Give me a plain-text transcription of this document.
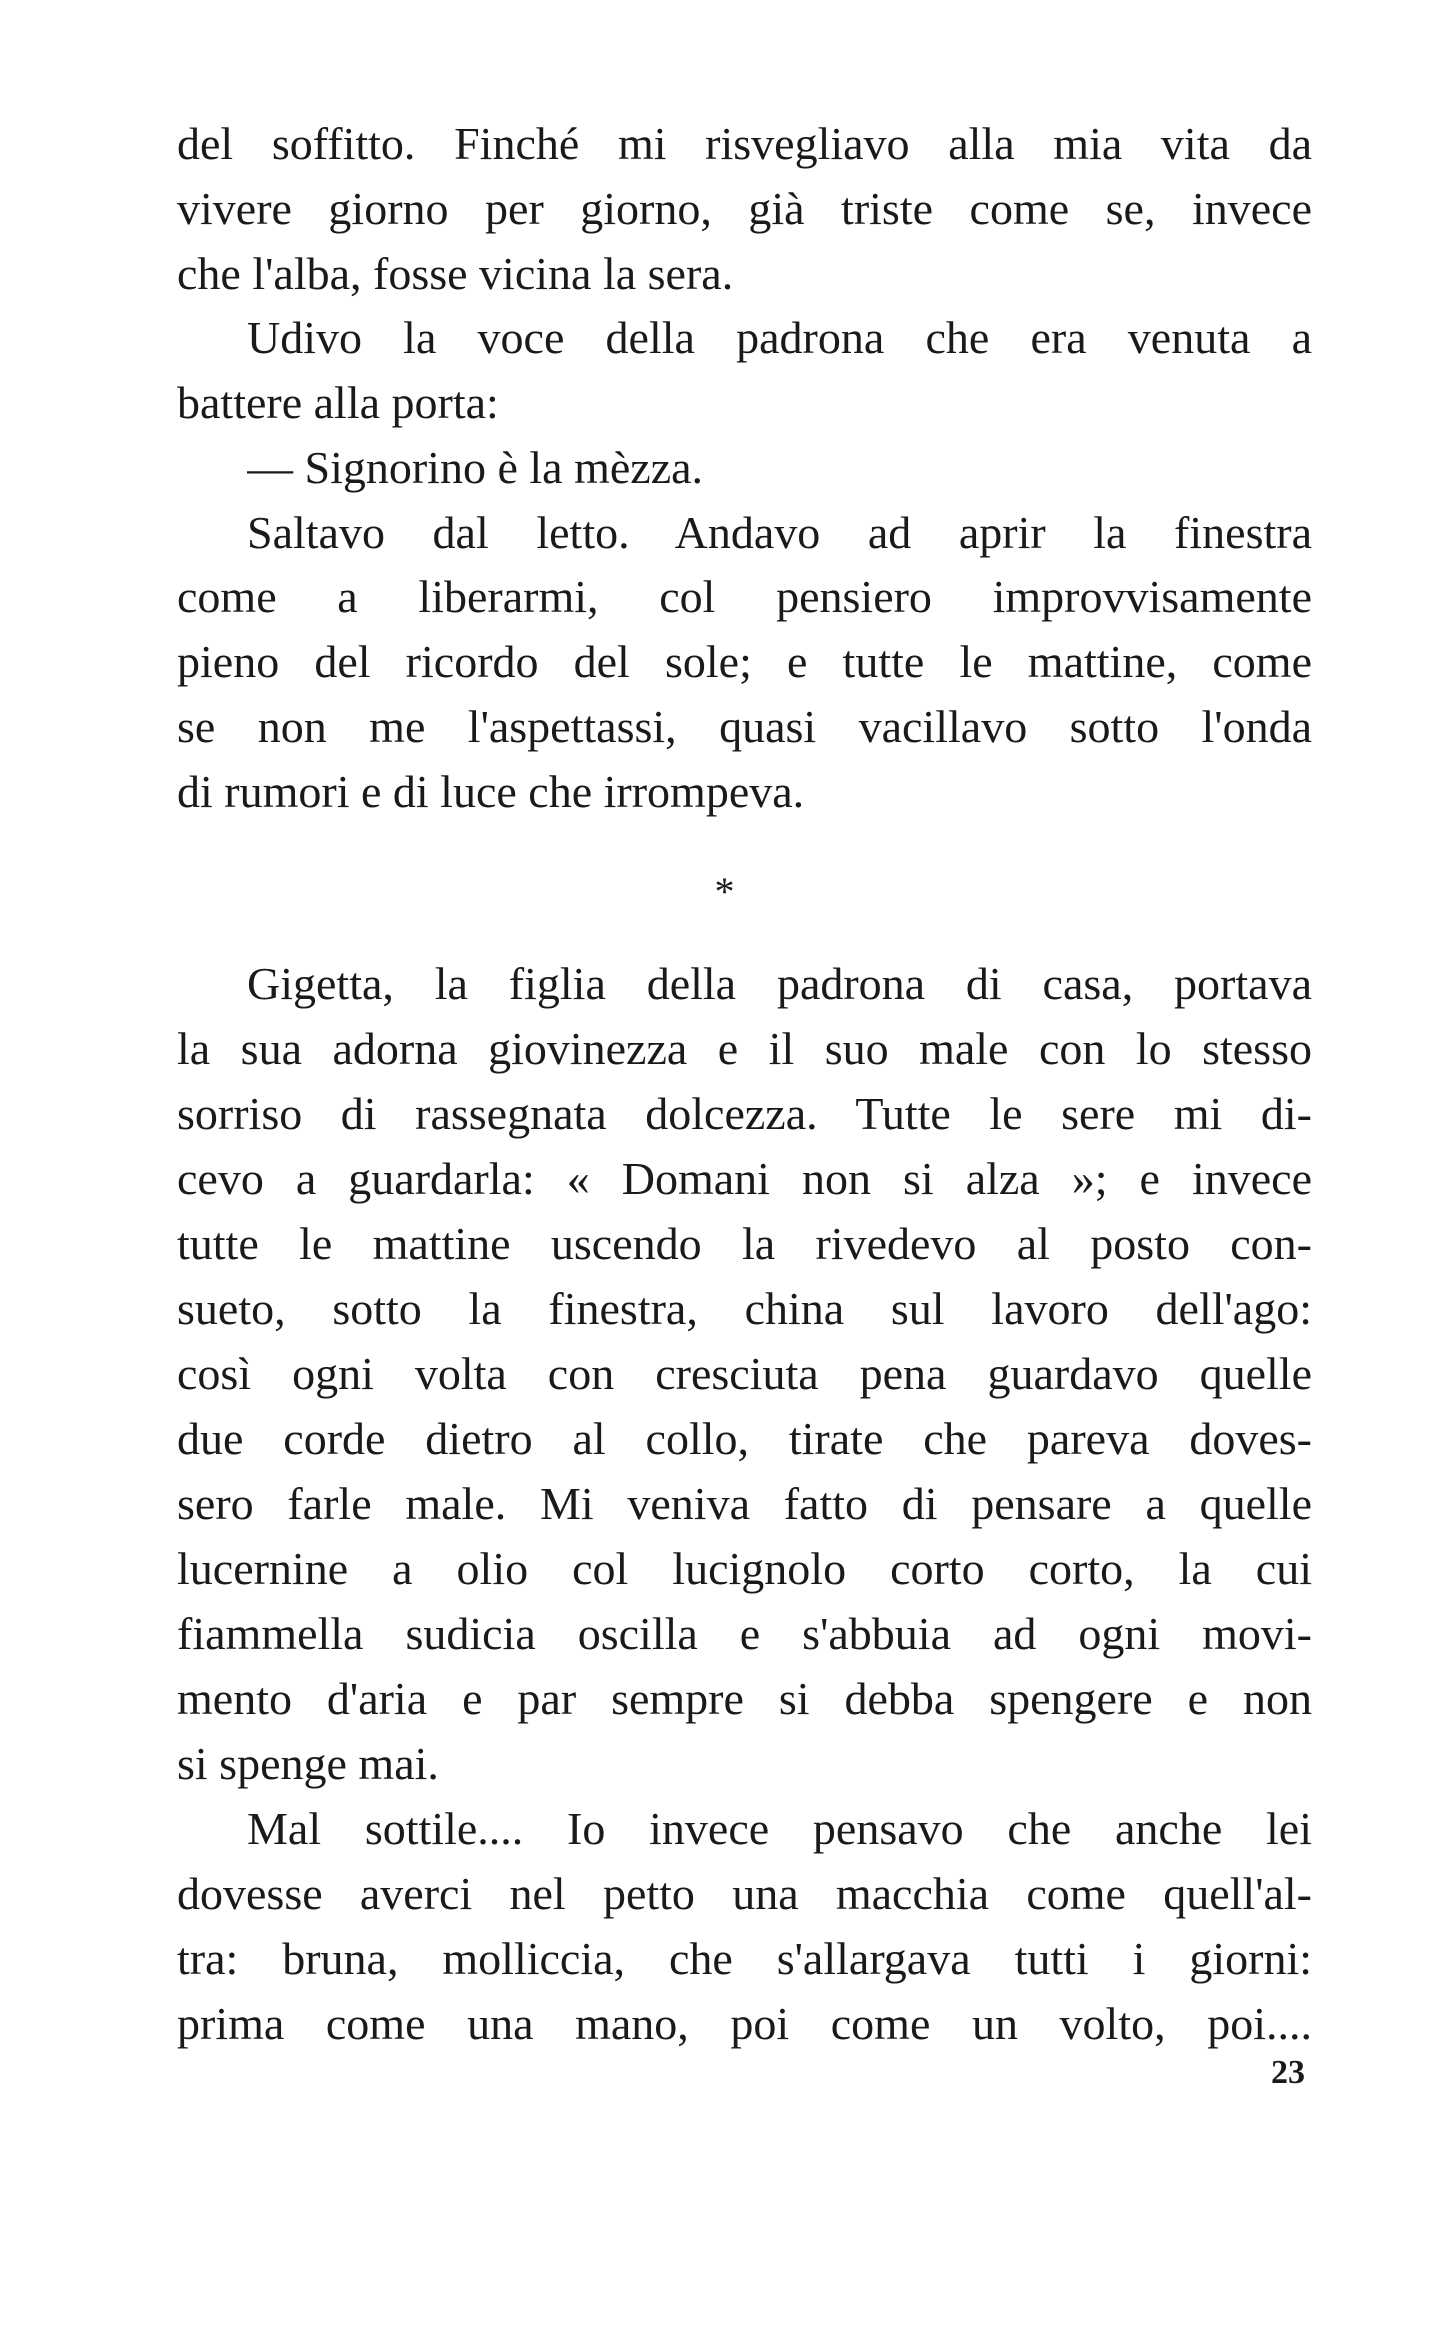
del soffitto. Finché mi risvegliavo alla mia vita da
vivere giorno per giorno, già triste come se, invece
che l'alba, fosse vicina la sera.
Udivo la voce della padrona che era venuta a
battere alla porta:
— Signorino è la mèzza.
Saltavo dal letto. Andavo ad aprir la finestra
come a liberarmi, col pensiero improvvisamente
pieno del ricordo del sole; e tutte le mattine, come
se non me l'aspettassi, quasi vacillavo sotto l'onda
di rumori e di luce che irrompeva.
*
Gigetta, la figlia della padrona di casa, portava
la sua adorna giovinezza e il suo male con lo stesso
sorriso di rassegnata dolcezza. Tutte le sere mi di-
cevo a guardarla: « Domani non si alza »; e invece
tutte le mattine uscendo la rivedevo al posto con-
sueto, sotto la finestra, china sul lavoro dell'ago:
così ogni volta con cresciuta pena guardavo quelle
due corde dietro al collo, tirate che pareva doves-
sero farle male. Mi veniva fatto di pensare a quelle
lucernine a olio col lucignolo corto corto, la cui
fiammella sudicia oscilla e s'abbuia ad ogni movi-
mento d'aria e par sempre si debba spengere e non
si spenge mai.
Mal sottile.... Io invece pensavo che anche lei
dovesse averci nel petto una macchia come quell'al-
tra: bruna, molliccia, che s'allargava tutti i giorni:
prima come una mano, poi come un volto, poi....
23
